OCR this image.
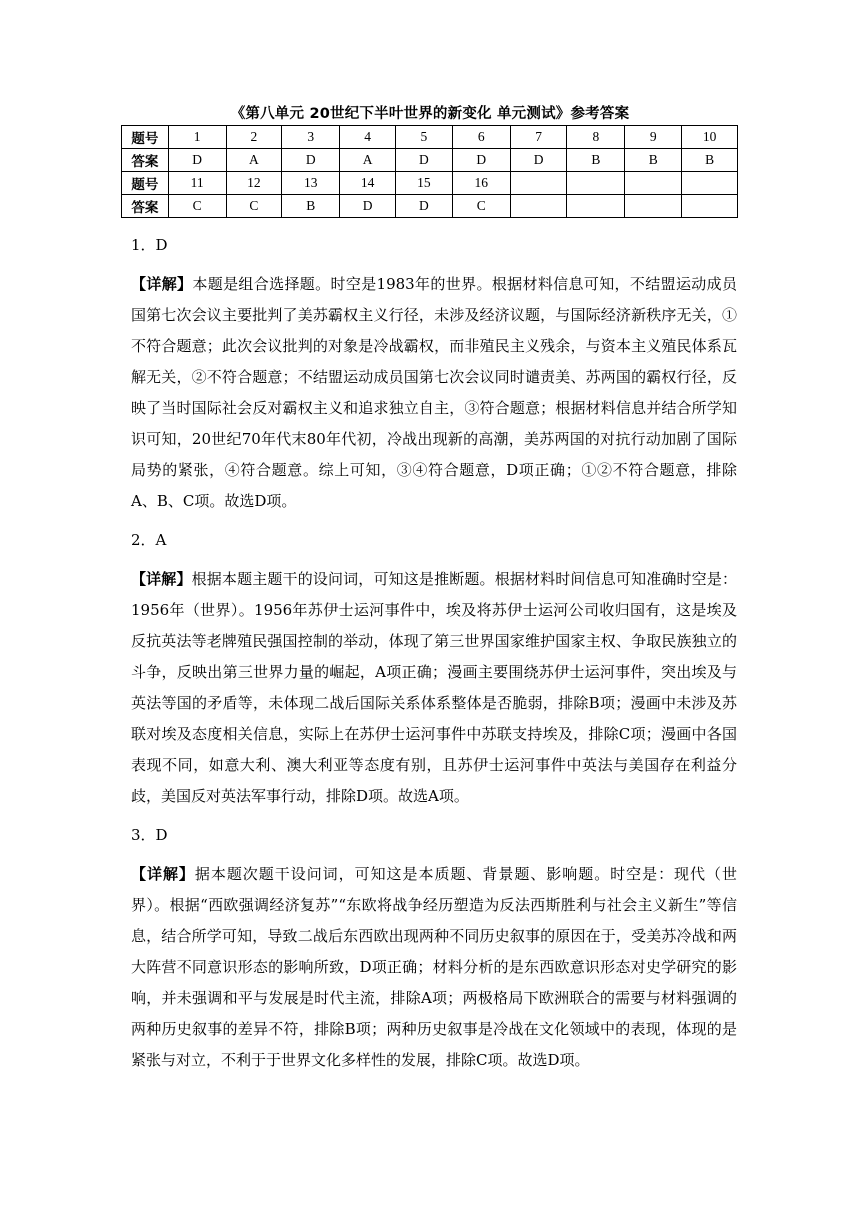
《第八单元 20世纪下半叶世界的新变化 单元测试》参考答案
题号	1	2	3	4	5	6	7	8	9	10
答案	D	A	D	A	D	D	D	B	B	B
题号	11	12	13	14	15	16				
答案	C	C	B	D	D	C				
1．D

【详解】本题是组合选择题。时空是1983年的世界。根据材料信息可知，不结盟运动成员国第七次会议主要批判了美苏霸权主义行径，未涉及经济议题，与国际经济新秩序无关，①不符合题意；此次会议批判的对象是冷战霸权，而非殖民主义残余，与资本主义殖民体系瓦解无关，②不符合题意；不结盟运动成员国第七次会议同时谴责美、苏两国的霸权行径，反映了当时国际社会反对霸权主义和追求独立自主，③符合题意；根据材料信息并结合所学知识可知，20世纪70年代末80年代初，冷战出现新的高潮，美苏两国的对抗行动加剧了国际局势的紧张，④符合题意。综上可知，③④符合题意，D项正确；①②不符合题意，排除A、B、C项。故选D项。

2．A

【详解】根据本题主题干的设问词，可知这是推断题。根据材料时间信息可知准确时空是：1956年（世界）。1956年苏伊士运河事件中，埃及将苏伊士运河公司收归国有，这是埃及反抗英法等老牌殖民强国控制的举动，体现了第三世界国家维护国家主权、争取民族独立的斗争，反映出第三世界力量的崛起，A项正确；漫画主要围绕苏伊士运河事件，突出埃及与英法等国的矛盾等，未体现二战后国际关系体系整体是否脆弱，排除B项；漫画中未涉及苏联对埃及态度相关信息，实际上在苏伊士运河事件中苏联支持埃及，排除C项；漫画中各国表现不同，如意大利、澳大利亚等态度有别，且苏伊士运河事件中英法与美国存在利益分歧，美国反对英法军事行动，排除D项。故选A项。

3．D

【详解】据本题次题干设问词，可知这是本质题、背景题、影响题。时空是：现代（世界）。根据“西欧强调经济复苏”“东欧将战争经历塑造为反法西斯胜利与社会主义新生”等信息，结合所学可知，导致二战后东西欧出现两种不同历史叙事的原因在于，受美苏冷战和两大阵营不同意识形态的影响所致，D项正确；材料分析的是东西欧意识形态对史学研究的影响，并未强调和平与发展是时代主流，排除A项；两极格局下欧洲联合的需要与材料强调的两种历史叙事的差异不符，排除B项；两种历史叙事是冷战在文化领域中的表现，体现的是紧张与对立，不利于于世界文化多样性的发展，排除C项。故选D项。
